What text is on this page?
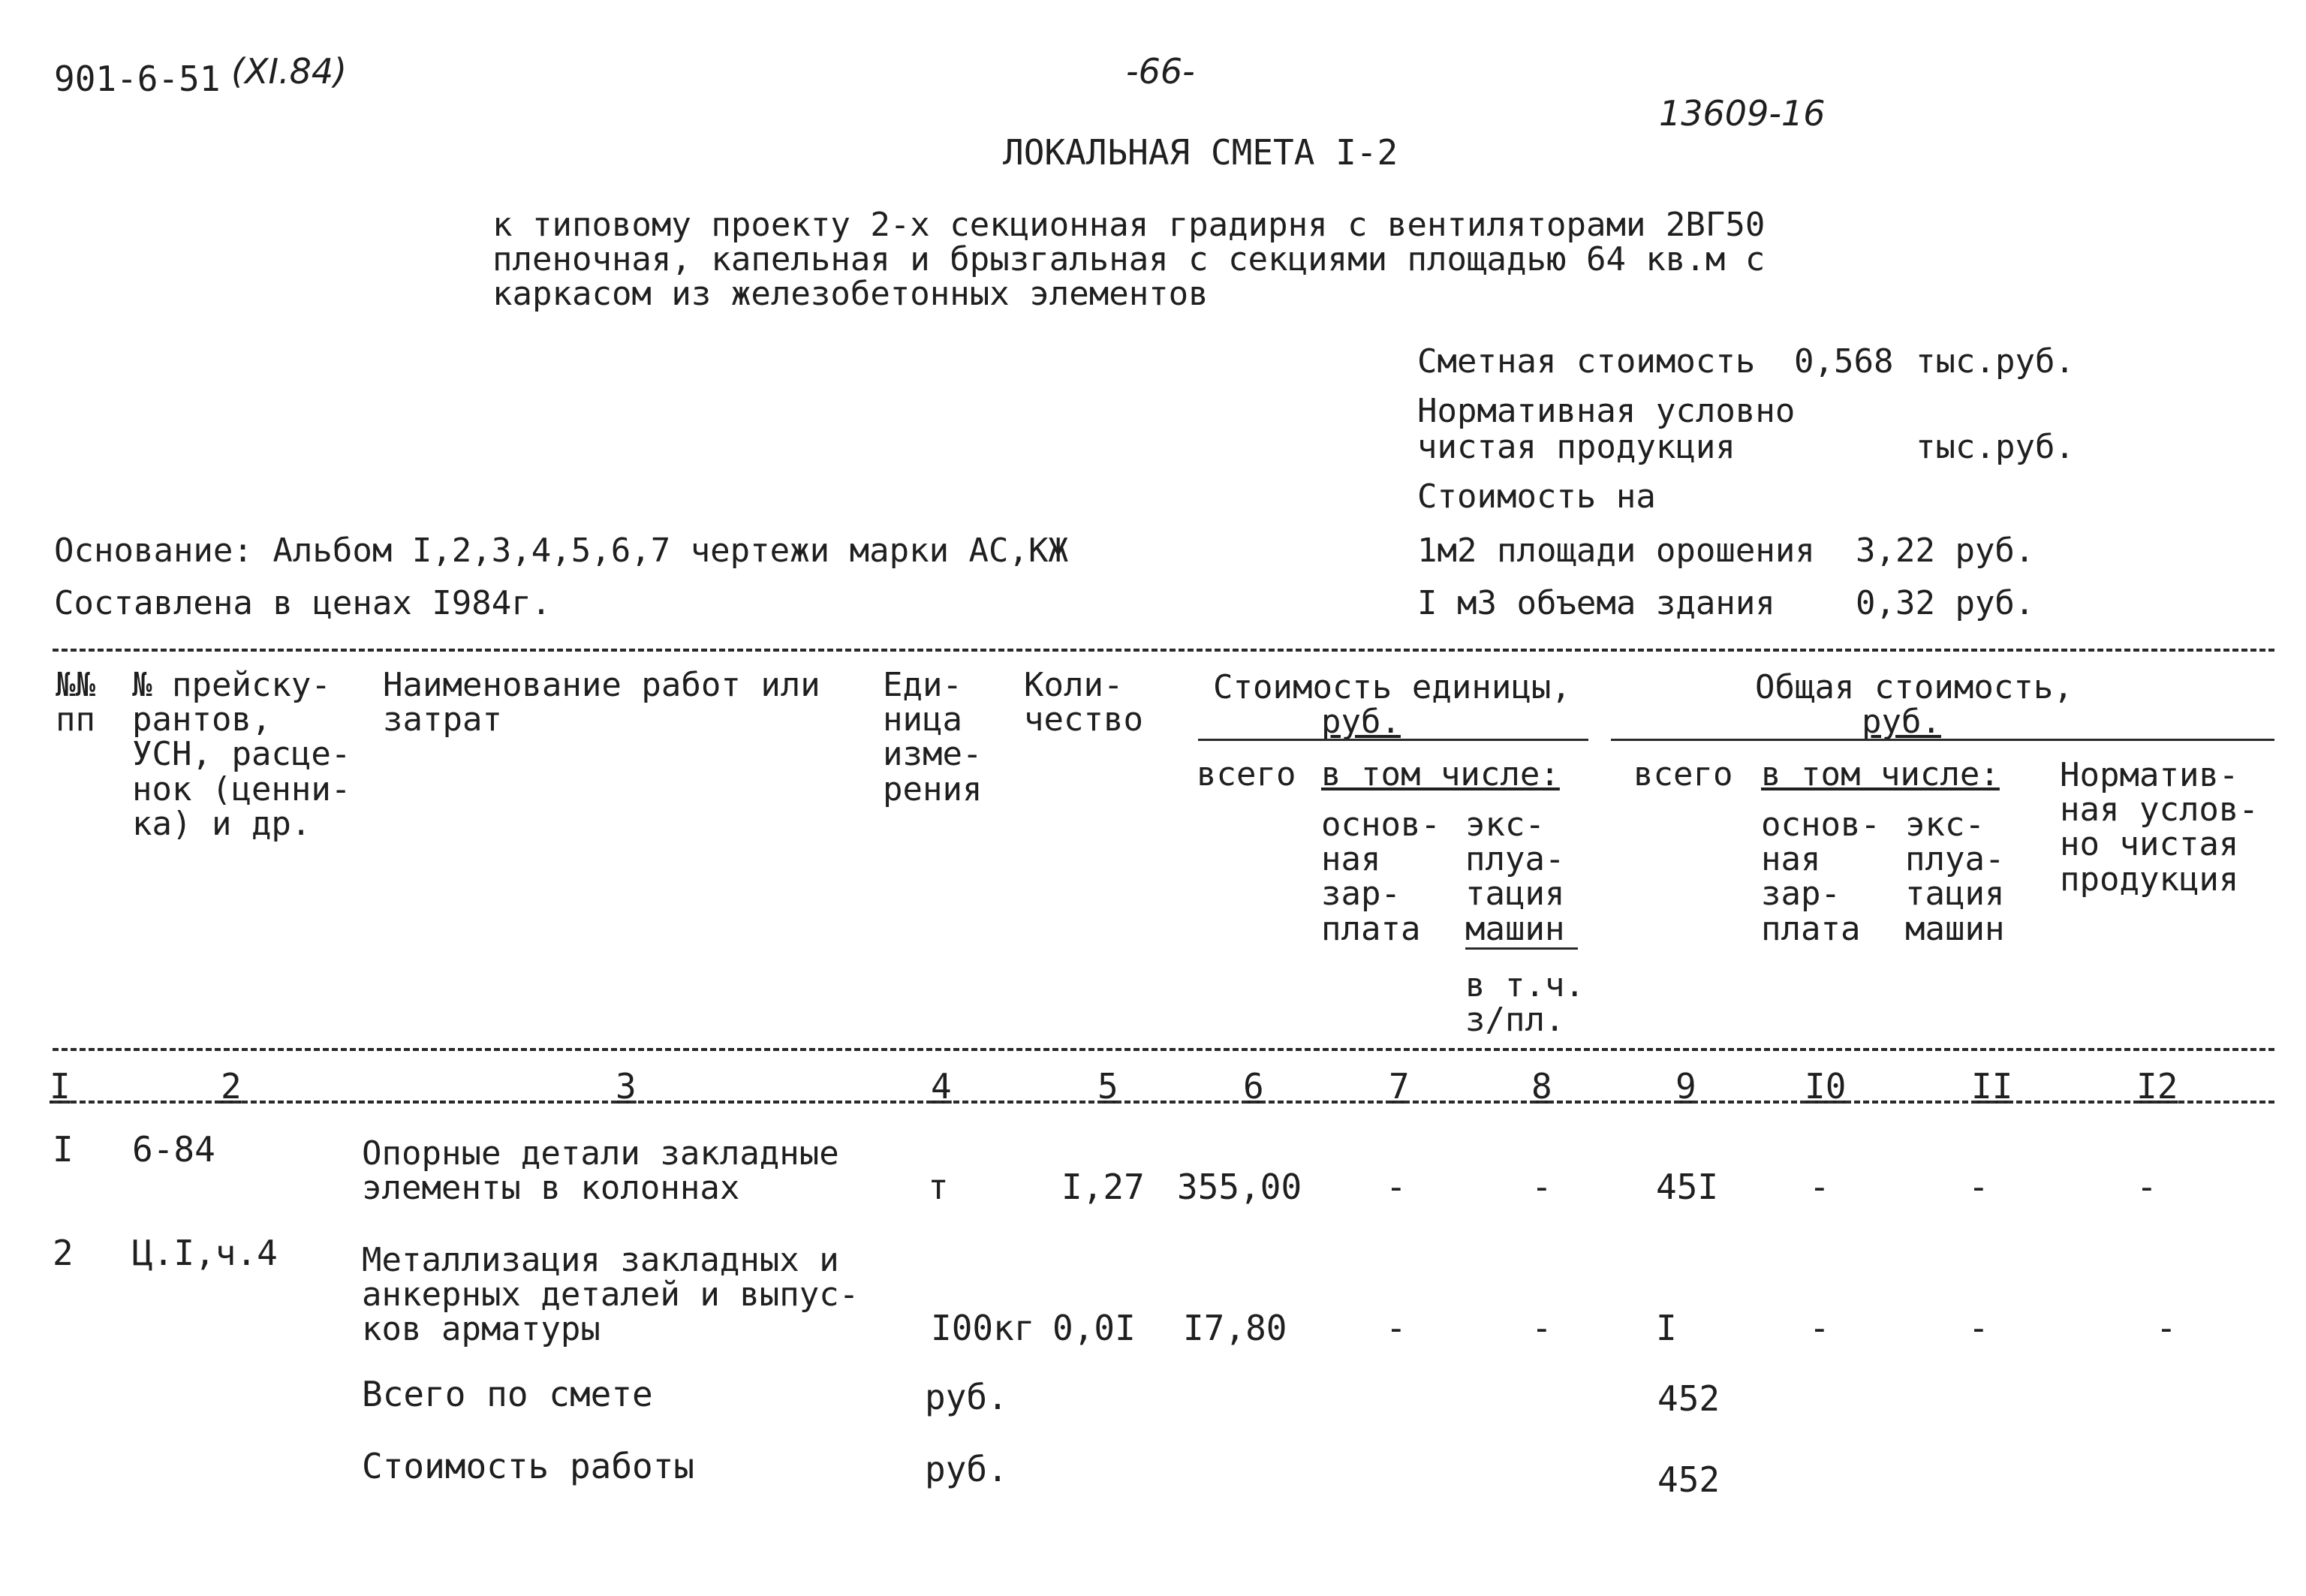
901-6-51 (XI.84)	-66-
13609-16
ЛОКАЛЬНАЯ СМЕТА I-2
к типовому проекту 2-х секционная градирня с вентиляторами 2ВГ50
пленочная, капельная и брызгальная с секциями площадью 64 кв.м с
каркасом из железобетонных элементов
Сметная стоимость 0,568 тыс.руб.
Нормативная условно
чистая продукция	тыс.руб.
Стоимость на
1м2 площади орошения 3,22 руб.
I м3 объема здания 0,32 руб.
Основание: Альбом I,2,3,4,5,6,7 чертежи марки АС,КЖ
Составлена в ценах I984г.
№№
пп
№ прейску-
рантов,
УСН, расце-
нок (ценни-
ка) и др.
Наименование работ или
затрат
Еди-
ница
изме-
рения
Коли-
чество
Стоимость единицы,
руб.
Общая стоимость,
руб.
всего в том числе:
основ-
ная
зар-
плата
экс-
плуа-
тация
машин
в т.ч.
з/пл.
всего в том числе:
основ-
ная
зар-
плата
экс-
плуа-
тация
машин
Норматив-
ная услов-
но чистая
продукция
I	2	3	4	5	6	7	8	9	I0	II	I2
I 6-84	Опорные детали закладные
элементы в колоннах	т	I,27 355,00 -	-	45I	-	-	-
2 Ц.I,ч.4	Металлизация закладных и
анкерных деталей и выпус-
ков арматуры	I00кг 0,0I I7,80	-	-	I	-	-	-
Всего по смете	руб.	452
Стоимость работы	руб.	452
